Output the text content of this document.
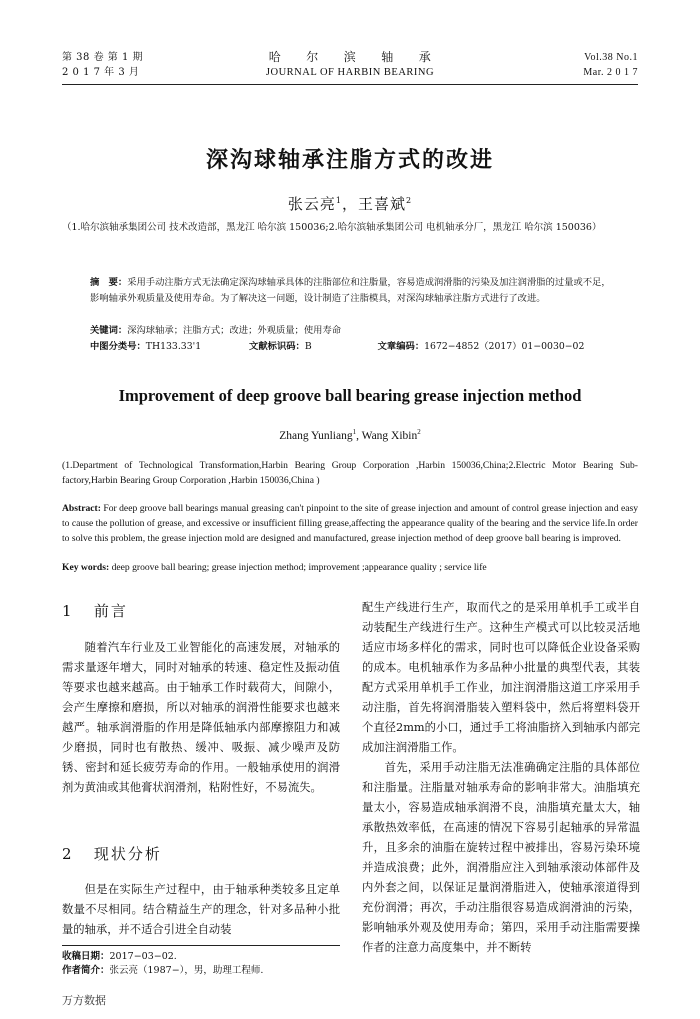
第 38 卷 第 1 期
2 0 1 7 年 3 月
哈　　尔　　滨　　轴　　承
JOURNAL OF HARBIN BEARING
Vol.38 No.1
Mar. 2 0 1 7
深沟球轴承注脂方式的改进
张云亮$^1$，王喜斌$^2$
（1.哈尔滨轴承集团公司 技术改造部，黑龙江 哈尔滨 150036;2.哈尔滨轴承集团公司 电机轴承分厂，黑龙江 哈尔滨 150036）
摘　要：采用手动注脂方式无法确定深沟球轴承具体的注脂部位和注脂量，容易造成润滑脂的污染及加注润滑脂的过量或不足，影响轴承外观质量及使用寿命。为了解决这一问题，设计制造了注脂模具，对深沟球轴承注脂方式进行了改进。
关键词：深沟球轴承；注脂方式；改进；外观质量；使用寿命
中图分类号：TH133.33'1	文献标识码：B	文章编码：1672−4852（2017）01−0030−02
Improvement of deep groove ball bearing grease injection method
Zhang Yunliang$^1$, Wang Xibin$^2$
(1.Department of Technological Transformation,Harbin Bearing Group Corporation ,Harbin 150036,China;2.Electric Motor Bearing Sub-factory,Harbin Bearing Group Corporation ,Harbin 150036,China )
Abstract: For deep groove ball bearings manual greasing can't pinpoint to the site of grease injection and amount of control grease injection and easy to cause the pollution of grease, and excessive or insufficient filling grease,affecting the appearance quality of the bearing and the service life.In order to solve this problem, the grease injection mold are designed and manufactured, grease injection method of deep groove ball bearing is improved.
Key words: deep groove ball bearing; grease injection method; improvement ;appearance quality ; service life
1 前言

随着汽车行业及工业智能化的高速发展，对轴承的需求量逐年增大，同时对轴承的转速、稳定性及振动值等要求也越来越高。由于轴承工作时载荷大，间隙小，会产生摩擦和磨损，所以对轴承的润滑性能要求也越来越严。轴承润滑脂的作用是降低轴承内部摩擦阻力和减少磨损，同时也有散热、缓冲、吸振、减少噪声及防锈、密封和延长疲劳寿命的作用。一般轴承使用的润滑剂为黄油或其他膏状润滑剂，粘附性好，不易流失。

2 现状分析

但是在实际生产过程中，由于轴承种类较多且定单数量不尽相同。结合精益生产的理念，针对多品种小批量的轴承，并不适合引进全自动装

收稿日期：2017−03−02.
作者简介：张云亮（1987−），男，助理工程师.

配生产线进行生产，取而代之的是采用单机手工或半自动装配生产线进行生产。这种生产模式可以比较灵活地适应市场多样化的需求，同时也可以降低企业设备采购的成本。电机轴承作为多品种小批量的典型代表，其装配方式采用单机手工作业，加注润滑脂这道工序采用手动注脂，首先将润滑脂装入塑料袋中，然后将塑料袋开个直径2mm的小口，通过手工将油脂挤入到轴承内部完成加注润滑脂工作。

首先，采用手动注脂无法准确确定注脂的具体部位和注脂量。注脂量对轴承寿命的影响非常大。油脂填充量太小，容易造成轴承润滑不良，油脂填充量太大，轴承散热效率低，在高速的情况下容易引起轴承的异常温升，且多余的油脂在旋转过程中被排出，容易污染环境并造成浪费；此外，润滑脂应注入到轴承滚动体部件及内外套之间，以保证足量润滑脂进入，使轴承滚道得到充份润滑；再次，手动注脂很容易造成润滑油的污染，影响轴承外观及使用寿命；第四，采用手动注脂需要操作者的注意力高度集中，并不断转

万方数据
